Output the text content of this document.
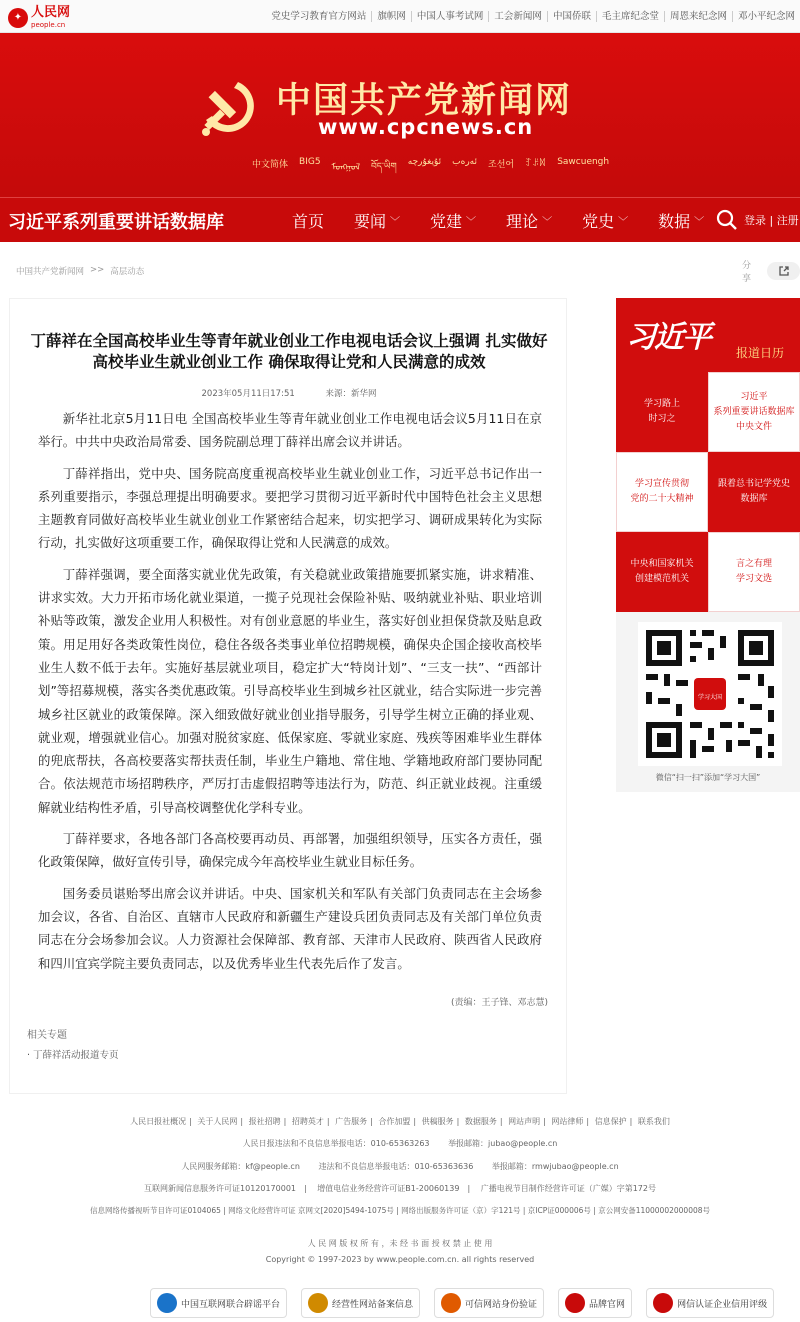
✦ 人民网
people.cn
党史学习教育官方网站	旗帜网	中国人事考试网	工会新闻网	中国侨联	毛主席纪念堂	周恩来纪念网	邓小平纪念网
中国共产党新闻网
www.cpcnews.cn
中文简体 BIG5
ᠮᠣᠩᠭᠣᠯ བོད་ཡིག ئۇيغۇرچە ئەرەب 조선어 ꆈꌠꉙ Sawcuengh
习近平系列重要讲话数据库	首页 要闻 ﹀ 党建 ﹀ 理论 ﹀ 党史 ﹀ 数据 ﹀	登录 | 注册
中国共产党新闻网 >> 高层动态
分享
丁薛祥在全国高校毕业生等青年就业创业工作电视电话会议上强调 扎实做好高校毕业生就业创业工作 确保取得让党和人民满意的成效
2023年05月11日17:51	来源：新华网

新华社北京5月11日电 全国高校毕业生等青年就业创业工作电视电话会议5月11日在京举行。中共中央政治局常委、国务院副总理丁薛祥出席会议并讲话。

丁薛祥指出，党中央、国务院高度重视高校毕业生就业创业工作，习近平总书记作出一系列重要指示，李强总理提出明确要求。要把学习贯彻习近平新时代中国特色社会主义思想主题教育同做好高校毕业生就业创业工作紧密结合起来，切实把学习、调研成果转化为实际行动，扎实做好这项重要工作，确保取得让党和人民满意的成效。

丁薛祥强调，要全面落实就业优先政策，有关稳就业政策措施要抓紧实施，讲求精准、讲求实效。大力开拓市场化就业渠道，一揽子兑现社会保险补贴、吸纳就业补贴、职业培训补贴等政策，激发企业用人积极性。对有创业意愿的毕业生，落实好创业担保贷款及贴息政策。用足用好各类政策性岗位，稳住各级各类事业单位招聘规模，确保央企国企接收高校毕业生人数不低于去年。实施好基层就业项目，稳定扩大“特岗计划”、“三支一扶”、“西部计划”等招募规模，落实各类优惠政策。引导高校毕业生到城乡社区就业，结合实际进一步完善城乡社区就业的政策保障。深入细致做好就业创业指导服务，引导学生树立正确的择业观、就业观，增强就业信心。加强对脱贫家庭、低保家庭、零就业家庭、残疾等困难毕业生群体的兜底帮扶，各高校要落实帮扶责任制，毕业生户籍地、常住地、学籍地政府部门要协同配合。依法规范市场招聘秩序，严厉打击虚假招聘等违法行为，防范、纠正就业歧视。注重缓解就业结构性矛盾，引导高校调整优化学科专业。

丁薛祥要求，各地各部门各高校要再动员、再部署，加强组织领导，压实各方责任，强化政策保障，做好宣传引导，确保完成今年高校毕业生就业目标任务。

国务委员谌贻琴出席会议并讲话。中央、国家机关和军队有关部门负责同志在主会场参加会议，各省、自治区、直辖市人民政府和新疆生产建设兵团负责同志及有关部门单位负责同志在分会场参加会议。人力资源社会保障部、教育部、天津市人民政府、陕西省人民政府和四川宜宾学院主要负责同志，以及优秀毕业生代表先后作了发言。

(责编：王子锋、邓志慧)
相关专题
· 丁薛祥活动报道专页
习近平 报道日历
学习路上
时习之
习近平
系列重要讲话数据库
中央文件
学习宣传贯彻
党的二十大精神
跟着总书记学党史
数据库
中央和国家机关
创建模范机关
言之有理
学习文选
学习大国
微信“扫一扫”添加“学习大国”
人民日报社概况 | 关于人民网 | 报社招聘 | 招聘英才 | 广告服务 | 合作加盟 | 供稿服务 | 数据服务 | 网站声明 | 网站律师 | 信息保护 | 联系我们
人民日报违法和不良信息举报电话：010-65363263 举报邮箱：jubao@people.cn
人民网服务邮箱：kf@people.cn 违法和不良信息举报电话：010-65363636 举报邮箱：rmwjubao@people.cn
互联网新闻信息服务许可证10120170001 | 增值电信业务经营许可证B1-20060139 | 广播电视节目制作经营许可证（广媒）字第172号
信息网络传播视听节目许可证0104065 | 网络文化经营许可证 京网文[2020]5494-1075号 | 网络出版服务许可证（京）字121号 | 京ICP证000006号 | 京公网安备11000002000008号
人 民 网 版 权 所 有 ，未 经 书 面 授 权 禁 止 使 用
Copyright © 1997-2023 by www.people.com.cn. all rights reserved
中国互联网联合辟谣平台	经营性网站备案信息	可信网站身份验证	品牌官网	网信认证企业信用评级
